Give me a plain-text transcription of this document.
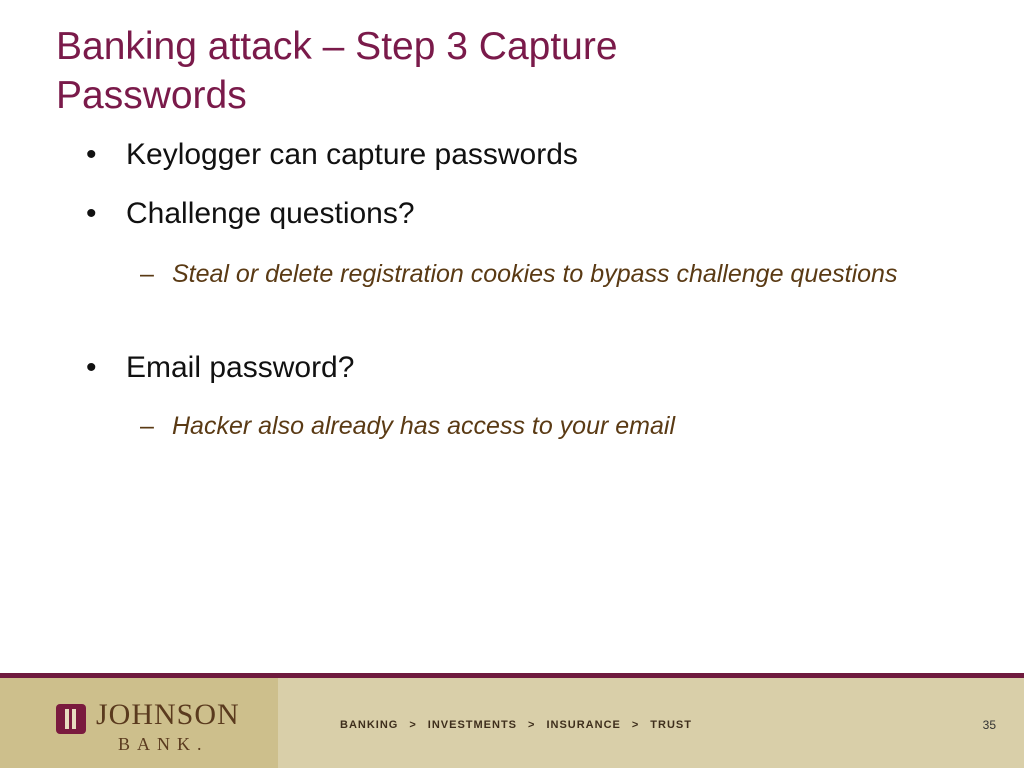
Banking attack – Step 3 Capture Passwords
• Keylogger can capture passwords
• Challenge questions?
– Steal or delete registration cookies to bypass challenge questions
• Email password?
– Hacker also already has access to your email
JOHNSON
BANK.
BANKING > INVESTMENTS > INSURANCE > TRUST	35
